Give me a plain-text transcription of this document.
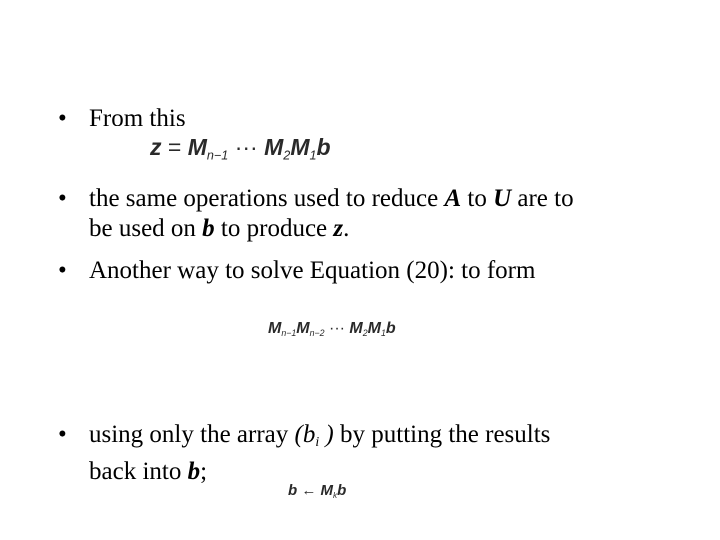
• From this
$z = M_{n-1}$ ··· $M_2M_1b$
• the same operations used to reduce A to U are to
be used on b to produce z.
• Another way to solve Equation (20): to form
$M_{n-1}M_{n-2}$ ··· $M_2M_1b$
• using only the array ($b_i$ ) by putting the results
back into b;
b ← $M_kb$
